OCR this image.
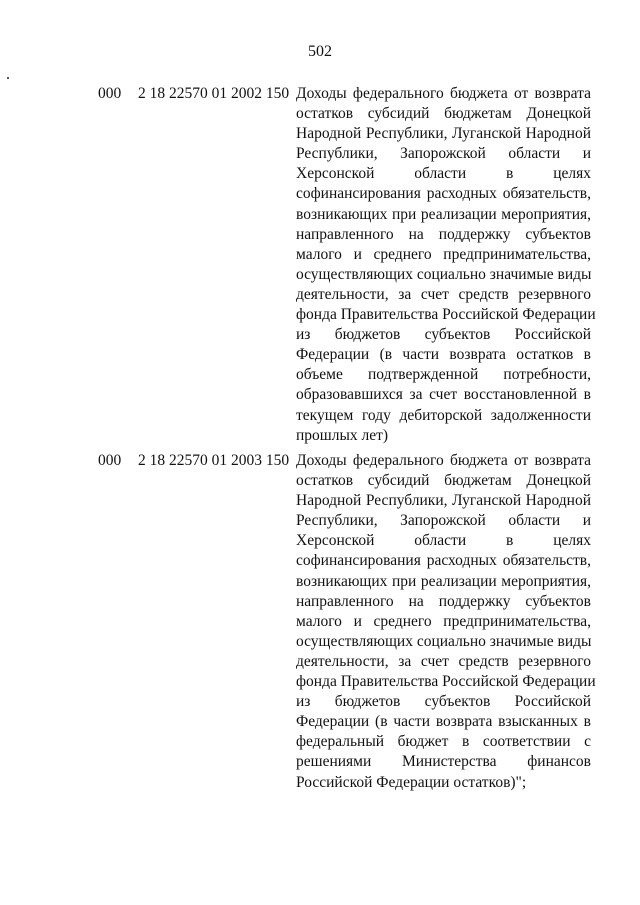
502
000 2 18 22570 01 2002 150 Доходы федерального бюджета от возврата
остатков субсидий бюджетам Донецкой
Народной Республики, Луганской Народной
Республики, Запорожской области и
Херсонской области в целях
софинансирования расходных обязательств,
возникающих при реализации мероприятия,
направленного на поддержку субъектов
малого и среднего предпринимательства,
осуществляющих социально значимые виды
деятельности, за счет средств резервного
фонда Правительства Российской Федерации
из бюджетов субъектов Российской
Федерации (в части возврата остатков в
объеме подтвержденной потребности,
образовавшихся за счет восстановленной в
текущем году дебиторской задолженности
прошлых лет)
000 2 18 22570 01 2003 150 Доходы федерального бюджета от возврата
остатков субсидий бюджетам Донецкой
Народной Республики, Луганской Народной
Республики, Запорожской области и
Херсонской области в целях
софинансирования расходных обязательств,
возникающих при реализации мероприятия,
направленного на поддержку субъектов
малого и среднего предпринимательства,
осуществляющих социально значимые виды
деятельности, за счет средств резервного
фонда Правительства Российской Федерации
из бюджетов субъектов Российской
Федерации (в части возврата взысканных в
федеральный бюджет в соответствии с
решениями Министерства финансов
Российской Федерации остатков)";
